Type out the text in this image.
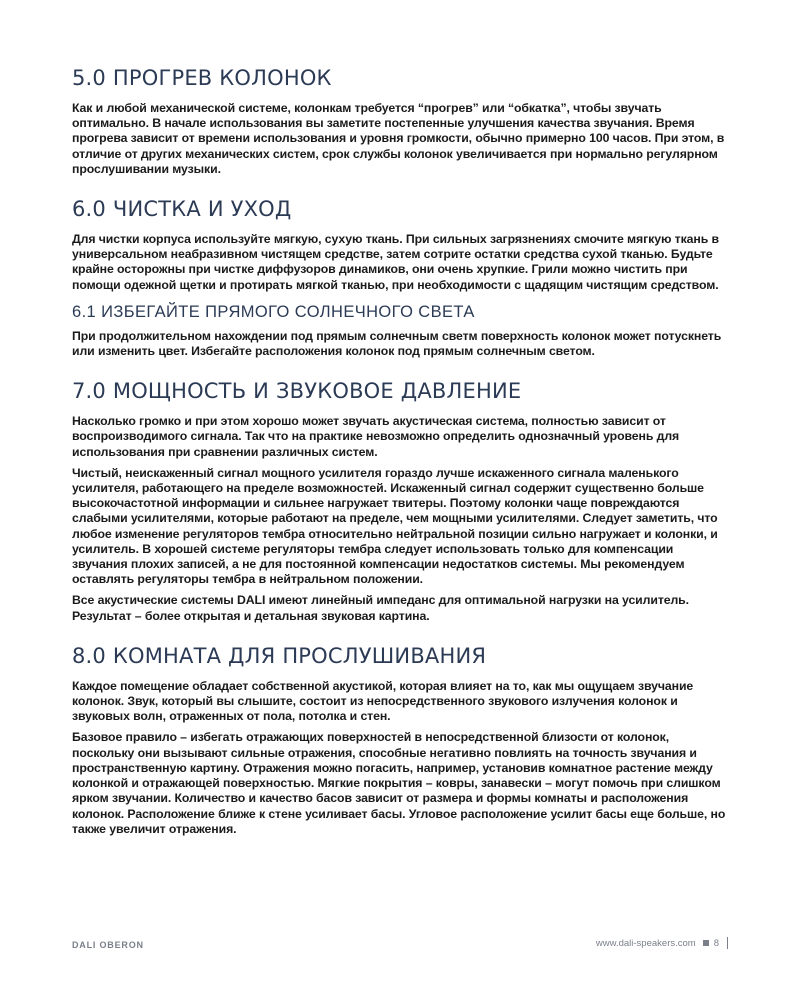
5.0 ПРОГРЕВ КОЛОНОК

Как и любой механической системе, колонкам требуется “прогрев” или “обкатка”, чтобы звучать оптимально. В начале использования вы заметите постепенные улучшения качества звучания. Время прогрева зависит от времени использования и уровня громкости, обычно примерно 100 часов. При этом, в отличие от других механических систем, срок службы колонок увеличивается при нормально регулярном прослушивании музыки.

6.0 ЧИСТКА И УХОД

Для чистки корпуса используйте мягкую, сухую ткань. При сильных загрязнениях смочите мягкую ткань в универсальном неабразивном чистящем средстве, затем сотрите остатки средства сухой тканью. Будьте крайне осторожны при чистке диффузоров динамиков, они очень хрупкие. Грили можно чистить при помощи одежной щетки и протирать мягкой тканью, при необходимости с щадящим чистящим средством.

6.1 ИЗБЕГАЙТЕ ПРЯМОГО СОЛНЕЧНОГО СВЕТА

При продолжительном нахождении под прямым солнечным светм поверхность колонок может потускнеть или изменить цвет. Избегайте расположения колонок под прямым солнечным светом.

7.0 МОЩНОСТЬ И ЗВУКОВОЕ ДАВЛЕНИЕ

Насколько громко и при этом хорошо может звучать акустическая система, полностью зависит от воспроизводимого сигнала. Так что на практике невозможно определить однозначный уровень для использования при сравнении различных систем.

Чистый, неискаженный сигнал мощного усилителя гораздо лучше искаженного сигнала маленького усилителя, работающего на пределе возможностей. Искаженный сигнал содержит существенно больше высокочастотной информации и сильнее нагружает твитеры. Поэтому колонки чаще повреждаются слабыми усилителями, которые работают на пределе, чем мощными усилителями. Следует заметить, что любое изменение регуляторов тембра относительно нейтральной позиции сильно нагружает и колонки, и усилитель. В хорошей системе регуляторы тембра следует использовать только для компенсации звучания плохих записей, а не для постоянной компенсации недостатков системы. Мы рекомендуем оставлять регуляторы тембра в нейтральном положении.

Все акустические системы DALI имеют линейный импеданс для оптимальной нагрузки на усилитель. Результат – более открытая и детальная звуковая картина.

8.0 КОМНАТА ДЛЯ ПРОСЛУШИВАНИЯ

Каждое помещение обладает собственной акустикой, которая влияет на то, как мы ощущаем звучание колонок. Звук, который вы слышите, состоит из непосредственного звукового излучения колонок и звуковых волн, отраженных от пола, потолка и стен.

Базовое правило – избегать отражающих поверхностей в непосредственной близости от колонок, поскольку они вызывают сильные отражения, способные негативно повлиять на точность звучания и пространственную картину. Отражения можно погасить, например, установив комнатное растение между колонкой и отражающей поверхностью. Мягкие покрытия – ковры, занавески – могут помочь при слишком ярком звучании. Количество и качество басов зависит от размера и формы комнаты и расположения колонок. Расположение ближе к стене усиливает басы. Угловое расположение усилит басы еще больше, но также увеличит отражения.

DALI OBERON	www.dali-speakers.com 8
